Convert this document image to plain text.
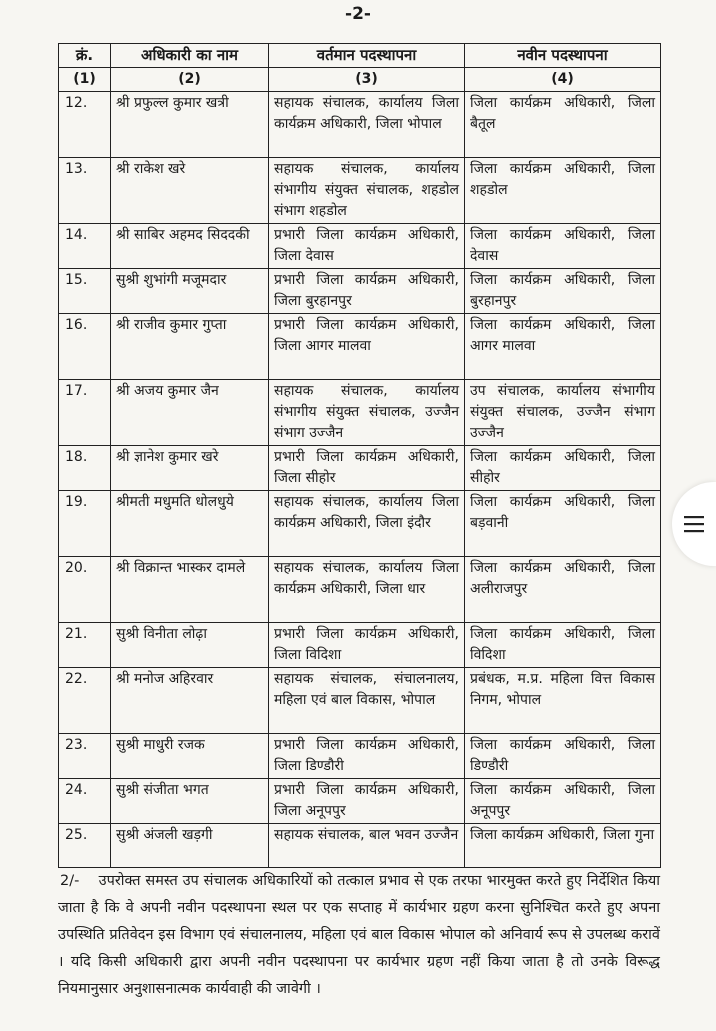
-2-
क्रं.	अधिकारी का नाम	वर्तमान पदस्थापना	नवीन पदस्थापना
(1)	(2)	(3)	(4)
12.	श्री प्रफुल्ल कुमार खत्री	सहायक संचालक, कार्यालय जिला कार्यक्रम अधिकारी, जिला भोपाल	जिला कार्यक्रम अधिकारी, जिला बैतूल
13.	श्री राकेश खरे	सहायक संचालक, कार्यालय संभागीय संयुक्त संचालक, शहडोल संभाग शहडोल	जिला कार्यक्रम अधिकारी, जिला शहडोल
14.	श्री साबिर अहमद सिददकी	प्रभारी जिला कार्यक्रम अधिकारी, जिला देवास	जिला कार्यक्रम अधिकारी, जिला देवास
15.	सुश्री शुभांगी मजूमदार	प्रभारी जिला कार्यक्रम अधिकारी, जिला बुरहानपुर	जिला कार्यक्रम अधिकारी, जिला बुरहानपुर
16.	श्री राजीव कुमार गुप्ता	प्रभारी जिला कार्यक्रम अधिकारी, जिला आगर मालवा	जिला कार्यक्रम अधिकारी, जिला आगर मालवा
17.	श्री अजय कुमार जैन	सहायक संचालक, कार्यालय संभागीय संयुक्त संचालक, उज्जैन संभाग उज्जैन	उप संचालक, कार्यालय संभागीय संयुक्त संचालक, उज्जैन संभाग उज्जैन
18.	श्री ज्ञानेश कुमार खरे	प्रभारी जिला कार्यक्रम अधिकारी, जिला सीहोर	जिला कार्यक्रम अधिकारी, जिला सीहोर
19.	श्रीमती मधुमति धोलधुये	सहायक संचालक, कार्यालय जिला कार्यक्रम अधिकारी, जिला इंदौर	जिला कार्यक्रम अधिकारी, जिला बड़वानी
20.	श्री विक्रान्त भास्कर दामले	सहायक संचालक, कार्यालय जिला कार्यक्रम अधिकारी, जिला धार	जिला कार्यक्रम अधिकारी, जिला अलीराजपुर
21.	सुश्री विनीता लोढ़ा	प्रभारी जिला कार्यक्रम अधिकारी, जिला विदिशा	जिला कार्यक्रम अधिकारी, जिला विदिशा
22.	श्री मनोज अहिरवार	सहायक संचालक, संचालनालय, महिला एवं बाल विकास, भोपाल	प्रबंधक, म.प्र. महिला वित्त विकास निगम, भोपाल
23.	सुश्री माधुरी रजक	प्रभारी जिला कार्यक्रम अधिकारी, जिला डिण्डौरी	जिला कार्यक्रम अधिकारी, जिला डिण्डौरी
24.	सुश्री संजीता भगत	प्रभारी जिला कार्यक्रम अधिकारी, जिला अनूपपुर	जिला कार्यक्रम अधिकारी, जिला अनूपपुर
25.	सुश्री अंजली खड़गी	सहायक संचालक, बाल भवन उज्जैन	जिला कार्यक्रम अधिकारी, जिला गुना

2/- उपरोक्त समस्त उप संचालक अधिकारियों को तत्काल प्रभाव से एक तरफा भारमुक्त करते हुए निर्देशित किया जाता है कि वे अपनी नवीन पदस्थापना स्थल पर एक सप्ताह में कार्यभार ग्रहण करना सुनिश्चित करते हुए अपना उपस्थिति प्रतिवेदन इस विभाग एवं संचालनालय, महिला एवं बाल विकास भोपाल को अनिवार्य रूप से उपलब्ध करावें । यदि किसी अधिकारी द्वारा अपनी नवीन पदस्थापना पर कार्यभार ग्रहण नहीं किया जाता है तो उनके विरूद्ध नियमानुसार अनुशासनात्मक कार्यवाही की जावेगी ।
